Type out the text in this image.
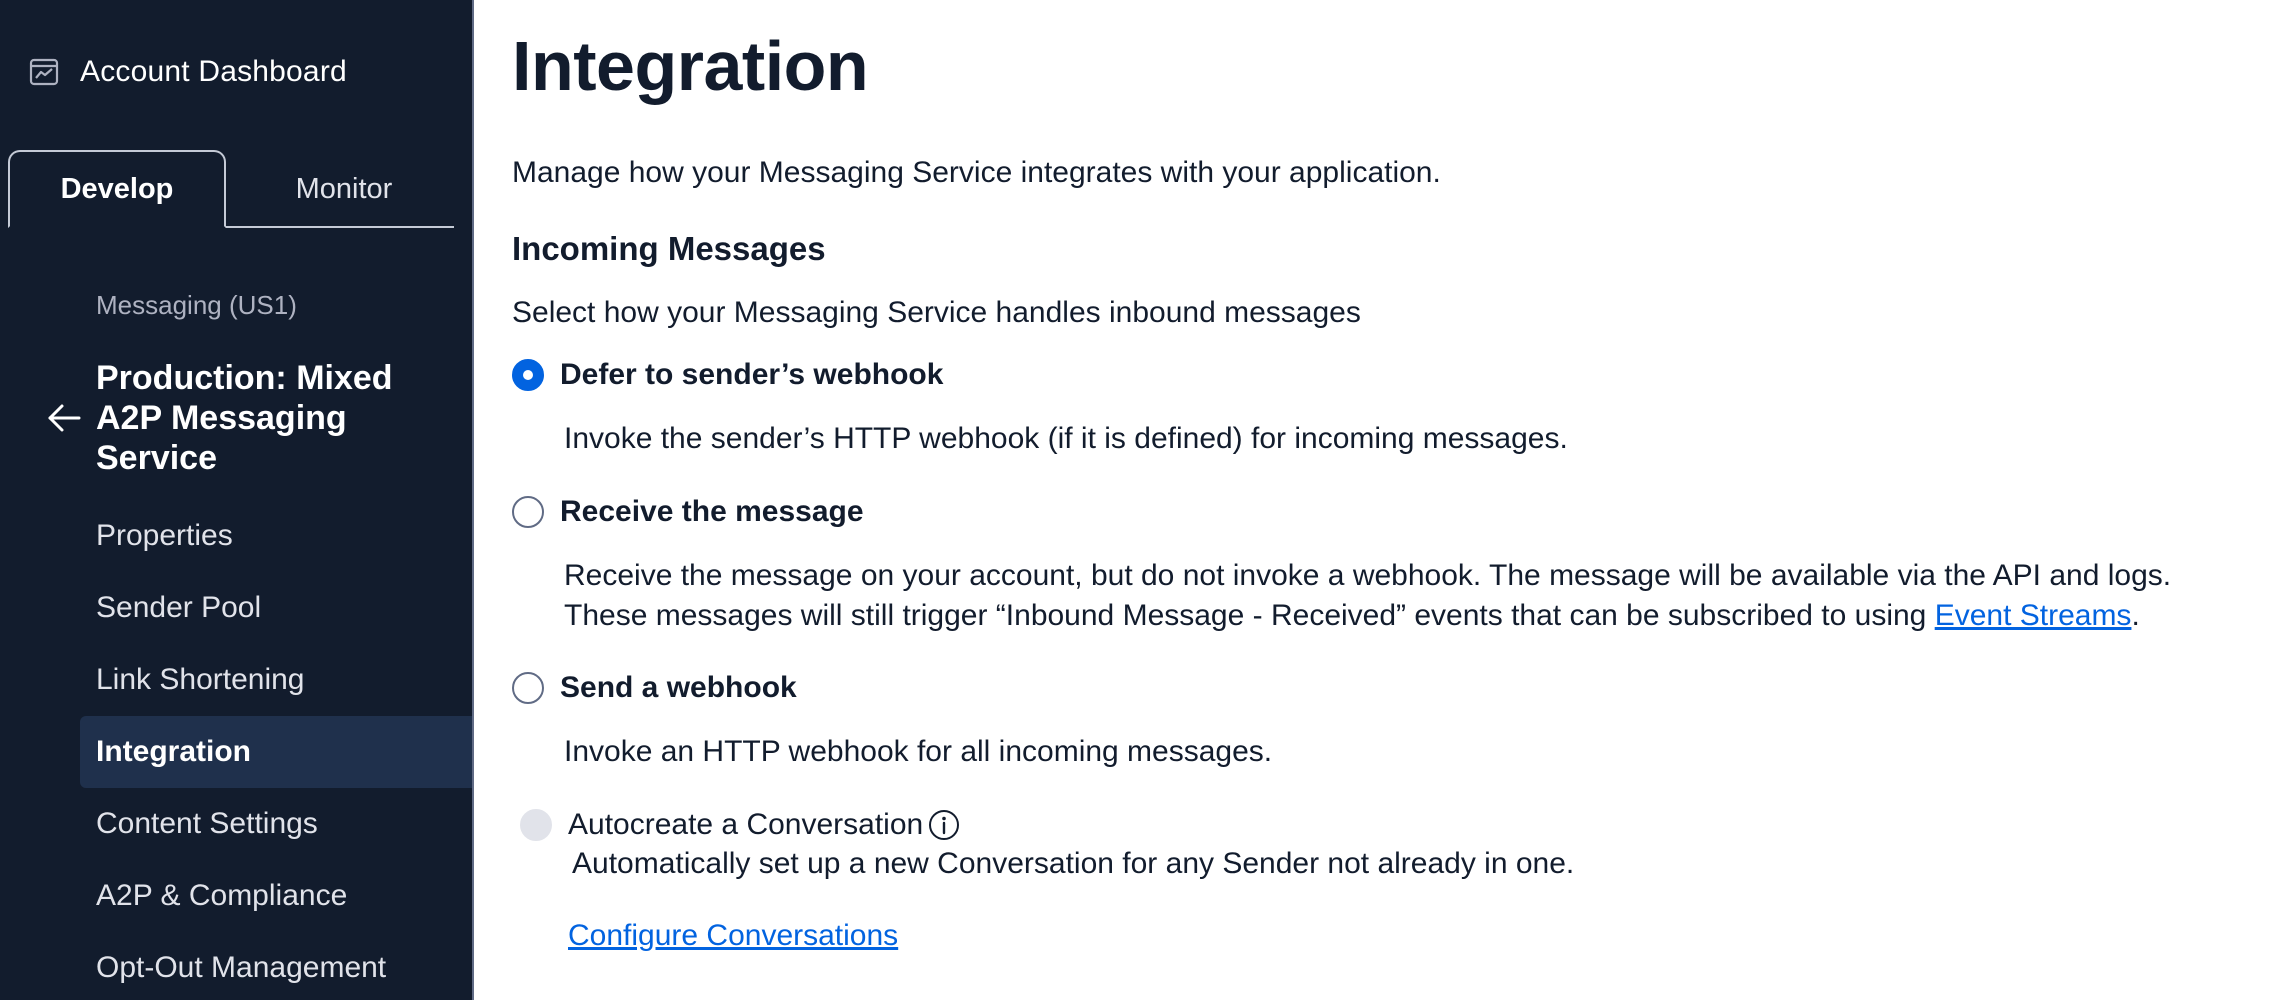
Account Dashboard
Develop	Monitor
Messaging (US1)
Production: Mixed A2P Messaging Service
Properties
Sender Pool
Link Shortening
Integration
Content Settings
A2P & Compliance
Opt-Out Management
Integration

Manage how your Messaging Service integrates with your application.

Incoming Messages

Select how your Messaging Service handles inbound messages

Defer to sender’s webhook
Invoke the sender’s HTTP webhook (if it is defined) for incoming messages.
Receive the message
Receive the message on your account, but do not invoke a webhook. The message will be available via the API and logs.
These messages will still trigger “Inbound Message - Received” events that can be subscribed to using Event Streams.
Send a webhook
Invoke an HTTP webhook for all incoming messages.
Autocreate a Conversation
Automatically set up a new Conversation for any Sender not already in one.
Configure Conversations
